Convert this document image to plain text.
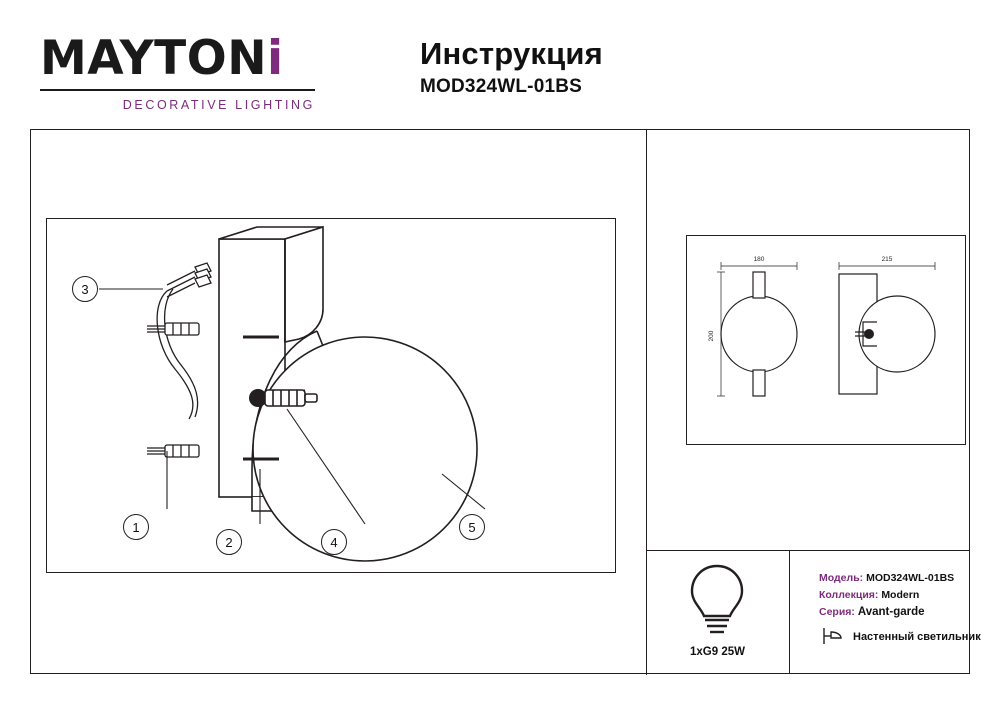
MAYTONi
DECORATIVE LIGHTING
Инструкция
MOD324WL-01BS
1
2
3
4
5
180
200
215
1xG9 25W
Модель: MOD324WL-01BS
Коллекция: Modern
Серия: Avant-garde
Настенный светильник
